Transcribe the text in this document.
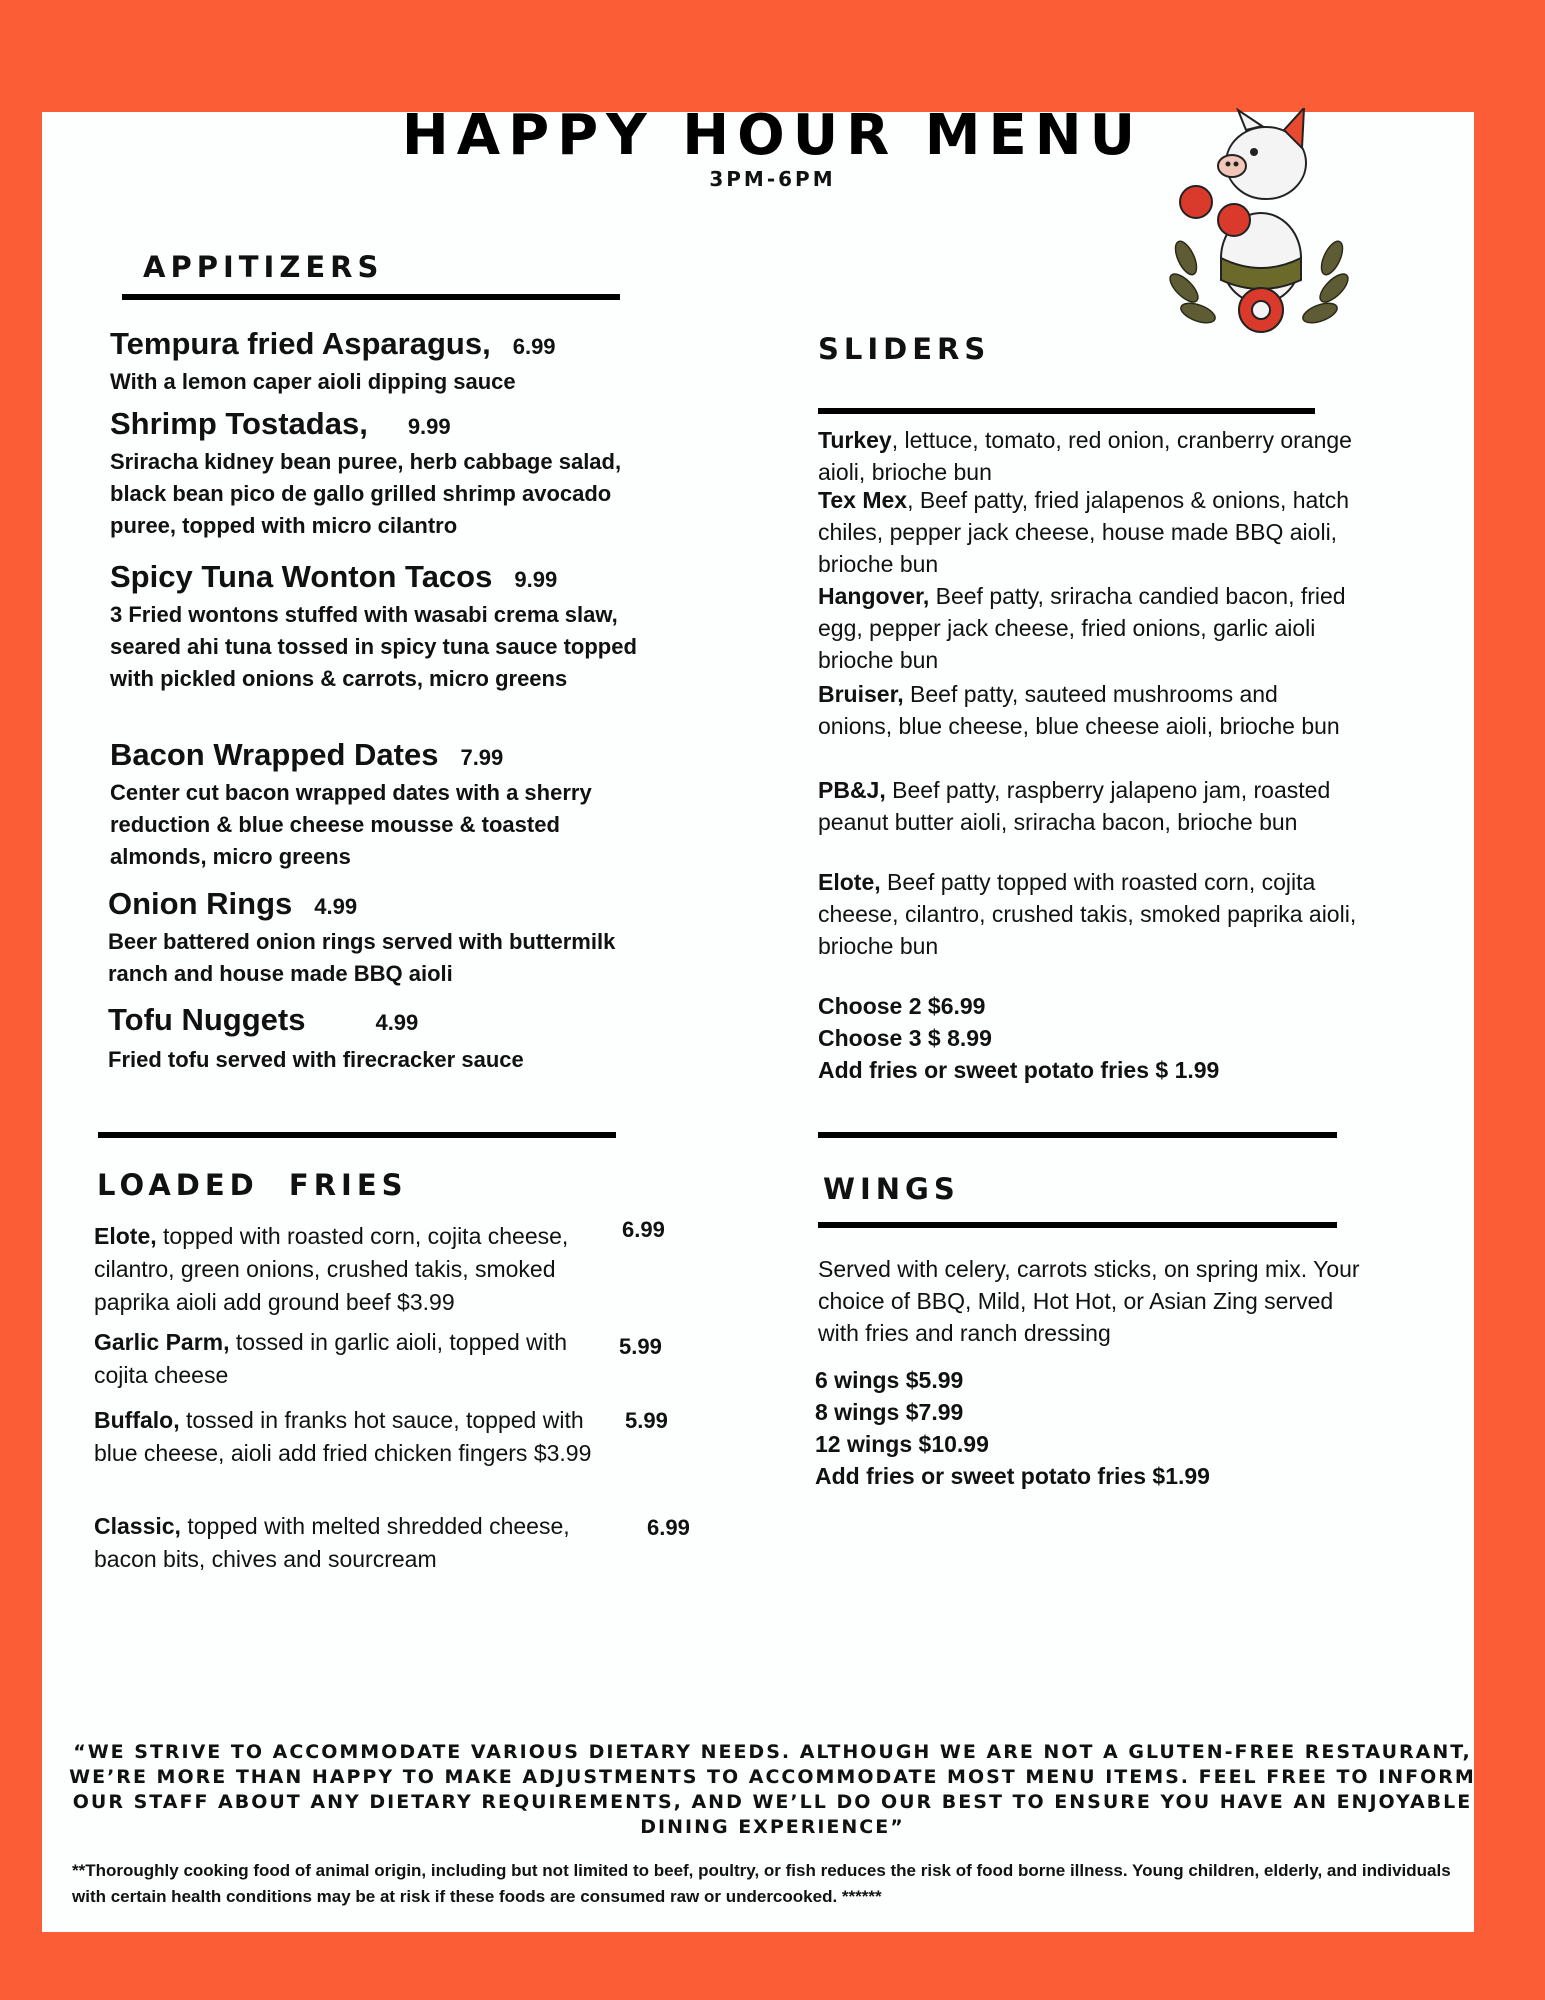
HAPPY HOUR MENU
3PM-6PM
APPITIZERS
Tempura fried Asparagus, 6.99
With a lemon caper aioli dipping sauce
Shrimp Tostadas, 9.99
Sriracha kidney bean puree, herb cabbage salad, black bean pico de gallo grilled shrimp avocado puree, topped with micro cilantro
Spicy Tuna Wonton Tacos 9.99
3 Fried wontons stuffed with wasabi crema slaw, seared ahi tuna tossed in spicy tuna sauce topped with pickled onions & carrots, micro greens
Bacon Wrapped Dates 7.99
Center cut bacon wrapped dates with a sherry reduction & blue cheese mousse & toasted almonds, micro greens
Onion Rings 4.99
Beer battered onion rings served with buttermilk ranch and house made BBQ aioli
Tofu Nuggets	4.99
Fried tofu served with firecracker sauce
SLIDERS
Turkey, lettuce, tomato, red onion, cranberry orange aioli, brioche bun
Tex Mex, Beef patty, fried jalapenos & onions, hatch chiles, pepper jack cheese, house made BBQ aioli, brioche bun
Hangover, Beef patty, sriracha candied bacon, fried egg, pepper jack cheese, fried onions, garlic aioli brioche bun
Bruiser, Beef patty, sauteed mushrooms and onions, blue cheese, blue cheese aioli, brioche bun
PB&J, Beef patty, raspberry jalapeno jam, roasted peanut butter aioli, sriracha bacon, brioche bun
Elote, Beef patty topped with roasted corn, cojita cheese, cilantro, crushed takis, smoked paprika aioli, brioche bun
Choose 2 $6.99
Choose 3 $ 8.99
Add fries or sweet potato fries $ 1.99
LOADED  FRIES
Elote, topped with roasted corn, cojita cheese, cilantro, green onions, crushed takis, smoked paprika aioli add ground beef $3.99
6.99
Garlic Parm, tossed in garlic aioli, topped with cojita cheese
5.99
Buffalo, tossed in franks hot sauce, topped with blue cheese, aioli add fried chicken fingers $3.99
5.99
Classic, topped with melted shredded cheese, bacon bits, chives and sourcream
6.99
WINGS
Served with celery, carrots sticks, on spring mix. Your choice of BBQ, Mild, Hot Hot, or Asian Zing served with fries and ranch dressing
6 wings $5.99
8 wings $7.99
12 wings $10.99
Add fries or sweet potato fries $1.99
“WE STRIVE TO ACCOMMODATE VARIOUS DIETARY NEEDS. ALTHOUGH WE ARE NOT A GLUTEN-FREE RESTAURANT, WE’RE MORE THAN HAPPY TO MAKE ADJUSTMENTS TO ACCOMMODATE MOST MENU ITEMS. FEEL FREE TO INFORM OUR STAFF ABOUT ANY DIETARY REQUIREMENTS, AND WE’LL DO OUR BEST TO ENSURE YOU HAVE AN ENJOYABLE DINING EXPERIENCE”
**Thoroughly cooking food of animal origin, including but not limited to beef, poultry, or fish reduces the risk of food borne illness. Young children, elderly, and individuals with certain health conditions may be at risk if these foods are consumed raw or undercooked. ******
